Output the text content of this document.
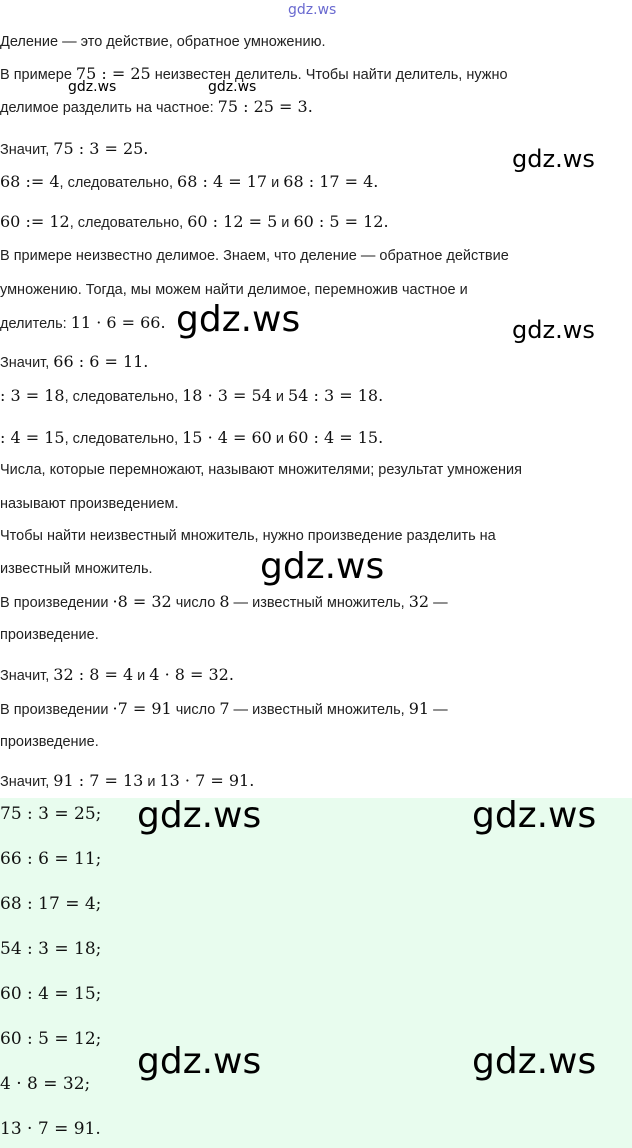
gdz.ws
Деление — это действие, обратное умножению.
В примере 75 : = 25 неизвестен делитель. Чтобы найти делитель, нужно
gdz.ws	gdz.ws
делимое разделить на частное: 75 : 25 = 3.
Значит, 75 : 3 = 25.	gdz.ws
68 := 4, следовательно, 68 : 4 = 17 и 68 : 17 = 4.
60 := 12, следовательно, 60 : 12 = 5 и 60 : 5 = 12.
В примере неизвестно делимое. Знаем, что деление — обратное действие
умножению. Тогда, мы можем найти делимое, перемножив частное и
делитель: 11 · 6 = 66. gdz.ws	gdz.ws
Значит, 66 : 6 = 11.
: 3 = 18, следовательно, 18 · 3 = 54 и 54 : 3 = 18.
: 4 = 15, следовательно, 15 · 4 = 60 и 60 : 4 = 15.
Числа, которые перемножают, называют множителями; результат умножения
называют произведением.
Чтобы найти неизвестный множитель, нужно произведение разделить на
известный множитель.	gdz.ws
В произведении ·8 = 32 число 8 — известный множитель, 32 —
произведение.
Значит, 32 : 8 = 4 и 4 · 8 = 32.
В произведении ·7 = 91 число 7 — известный множитель, 91 —
произведение.
Значит, 91 : 7 = 13 и 13 · 7 = 91.
75 : 3 = 25;
66 : 6 = 11;
68 : 17 = 4;
54 : 3 = 18;
60 : 4 = 15;
60 : 5 = 12;
4 · 8 = 32;
13 · 7 = 91.
gdz.ws	gdz.ws
gdz.ws	gdz.ws
